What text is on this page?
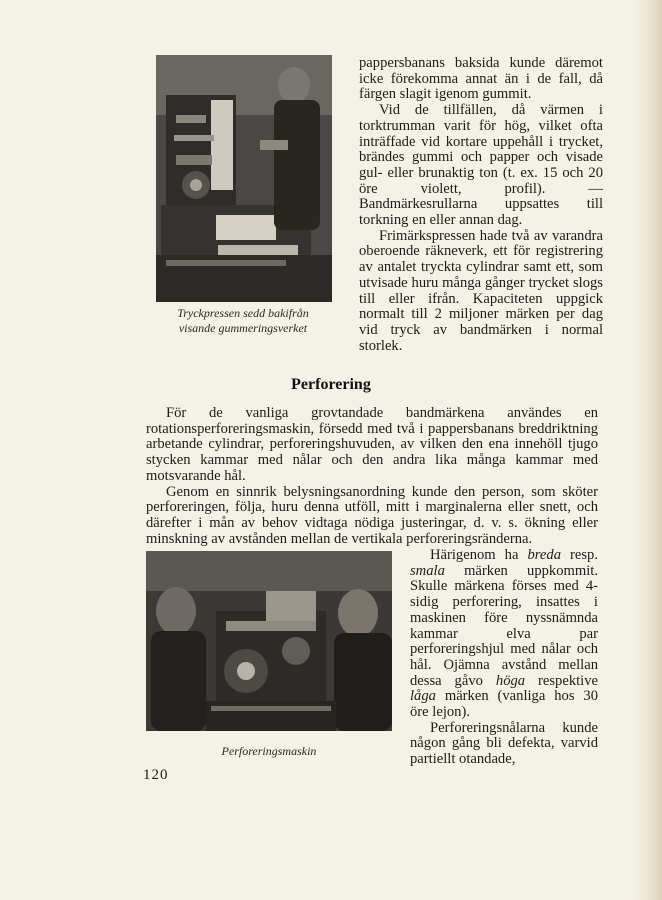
Tryckpressen sedd bakifrån
visande gummeringsverket

pappersbanans baksida kunde däremot icke förekomma annat än i de fall, då färgen slagit igenom gummit.

Vid de tillfällen, då värmen i torktrumman varit för hög, vilket ofta inträffade vid kortare uppehåll i trycket, brändes gummi och papper och visade gul- eller brunaktig ton (t. ex. 15 och 20 öre violett, profil). — Bandmärkesrullarna uppsattes till torkning en eller annan dag.

Frimärkspressen hade två av varandra oberoende räkneverk, ett för registrering av antalet tryckta cylindrar samt ett, som utvisade huru många gånger trycket slogs till eller ifrån. Kapaciteten uppgick normalt till 2 miljoner märken per dag vid tryck av bandmärken i normal storlek.

Perforering

För de vanliga grovtandade bandmärkena användes en rotationsperforeringsmaskin, försedd med två i pappersbanans breddriktning arbetande cylindrar, perforeringshuvuden, av vilken den ena innehöll tjugo stycken kammar med nålar och den andra lika många kammar med motsvarande hål.

Genom en sinnrik belysningsanordning kunde den person, som sköter perforeringen, följa, huru denna utföll, mitt i marginalerna eller snett, och därefter i mån av behov vidtaga nödiga justeringar, d. v. s. ökning eller minskning av avstånden mellan de vertikala perforeringsränderna.

Perforeringsmaskin

Härigenom ha breda resp. smala märken uppkommit. Skulle märkena förses med 4-sidig perforering, insattes i maskinen före nyssnämnda kammar elva par perforeringshjul med nålar och hål. Ojämna avstånd mellan dessa gåvo höga respektive låga märken (vanliga hos 30 öre lejon).

Perforeringsnålarna kunde någon gång bli defekta, varvid partiellt otandade,

120
